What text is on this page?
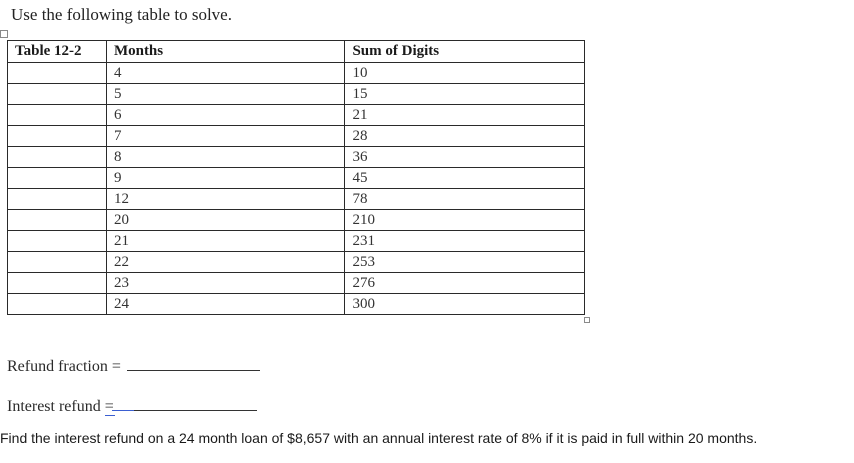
Use the following table to solve.
Table 12-2	Months	Sum of Digits
	4	10
	5	15
	6	21
	7	28
	8	36
	9	45
	12	78
	20	210
	21	231
	22	253
	23	276
	24	300
Refund fraction =
Interest refund =
Find the interest refund on a 24 month loan of $8,657 with an annual interest rate of 8% if it is paid in full within 20 months.
